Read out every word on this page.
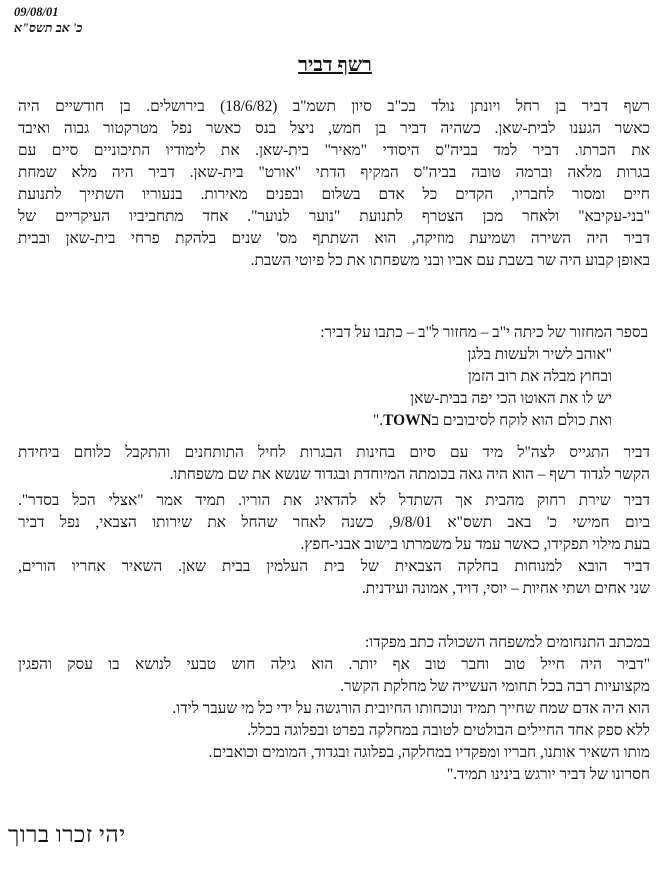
09/08/01
כ' אב תשס"א
רשף דביר
רשף דביר בן רחל ויונתן נולד בכ"ב סיון תשמ"ב (18/6/82) בירושלים. בן חודשיים היה
כאשר הגענו לבית-שאן. כשהיה דביר בן חמש, ניצל בנס כאשר נפל מטרקטור גבוה ואיבד
את הכרתו. דביר למד בביה"ס היסודי "מאיר" בית-שאן. את לימודיו התיכוניים סיים עם
בגרות מלאה וברמה טובה בביה"ס המקיף הדתי "אורט" בית-שאן. דביר היה מלא שמחת
חיים ומסור לחבריו, הקדים כל אדם בשלום ובפנים מאירות. בנעוריו השתייך לתנועת
"בני-עקיבא" ולאחר מכן הצטרף לתנועת "נוער לנוער". אחד מתחביביו העיקריים של
דביר היה השירה ושמיעת מוזיקה, הוא השתתף מס' שנים בלהקת פרחי בית-שאן ובבית
באופן קבוע היה שר בשבת עם אביו ובני משפחתו את כל פיוטי השבת.
בספר המחזור של כיתה י"ב – מחזור ל"ב – כתבו על דביר:
"אוהב לשיר ולעשות בלגן
ובחוץ מבלה את רוב הזמן
יש לו את האוטו הכי יפה בבית-שאן
ואת כולם הוא לוקח לסיבובים בTOWN."
דביר התגייס לצה"ל מיד עם סיום בחינות הבגרות לחיל התותחנים והתקבל כלוחם ביחידת
הקשר לגדוד רשף – הוא היה גאה בכומתה המיוחדת ובגדוד שנשא את שם משפחתו.
דביר שירת רחוק מהבית אך השתדל לא להדאיג את הוריו. תמיד אמר "אצלי הכל בסדר".
ביום חמישי כ' באב תשס"א 9/8/01, כשנה לאחר שהחל את שירותו הצבאי, נפל דביר
בעת מילוי תפקידו, כאשר עמד על משמרתו בישוב אבני-חפץ.
דביר הובא למנוחות בחלקה הצבאית של בית העלמין בבית שאן. השאיר אחריו הורים,
שני אחים ושתי אחיות – יוסי, דויד, אמונה ועידנית.
במכתב התנחומים למשפחה השכולה כתב מפקדו:
"דביר היה חייל טוב וחבר טוב אף יותר. הוא גילה חוש טבעי לנושא בו עסק והפגין
מקצועיות רבה בכל תחומי העשייה של מחלקת הקשר.
הוא היה אדם שמח שחייך תמיד ונוכחותו החיובית הורגשה על ידי כל מי שעבר לידו.
ללא ספק אחד החיילים הבולטים לטובה במחלקה בפרט ובפלוגה בכלל.
מותו השאיר אותנו, חבריו ומפקדיו במחלקה, בפלוגה ובגדוד, המומים וכואבים.
חסרונו של דביר יורגש בינינו תמיד."
יהי זכרו ברוך
